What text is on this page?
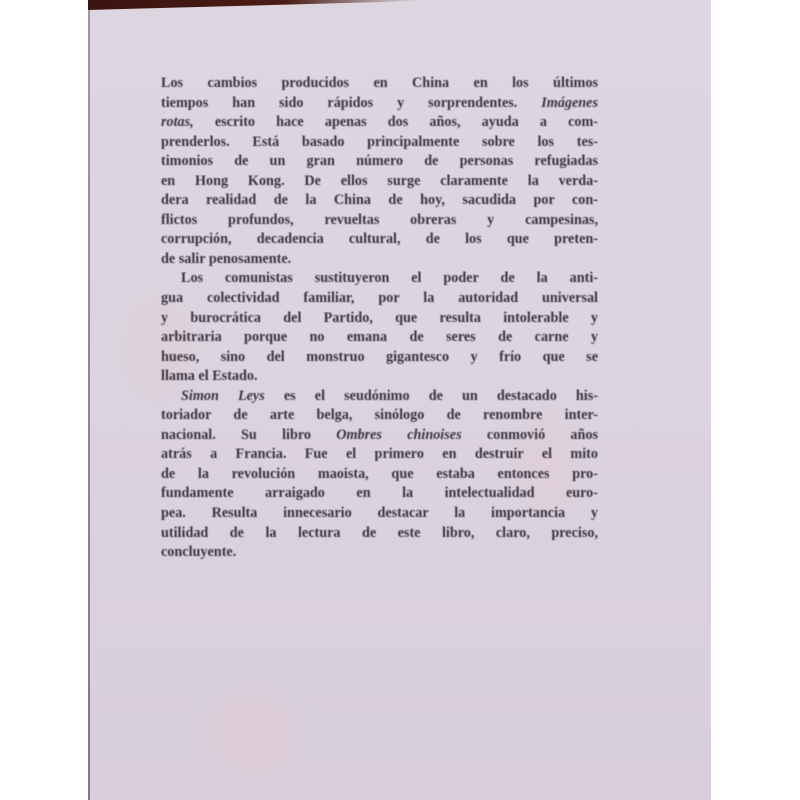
Los cambios producidos en China en los últimos
tiempos han sido rápidos y sorprendentes. Imágenes
rotas, escrito hace apenas dos años, ayuda a com-
prenderlos. Está basado principalmente sobre los tes-
timonios de un gran número de personas refugiadas
en Hong Kong. De ellos surge claramente la verda-
dera realidad de la China de hoy, sacudida por con-
flictos profundos, revueltas obreras y campesinas,
corrupción, decadencia cultural, de los que preten-
de salir penosamente.
Los comunistas sustituyeron el poder de la anti-
gua colectividad familiar, por la autoridad universal
y burocrática del Partido, que resulta intolerable y
arbitraria porque no emana de seres de carne y
hueso, sino del monstruo gigantesco y frío que se
llama el Estado.
Simon Leys es el seudónimo de un destacado his-
toriador de arte belga, sinólogo de renombre inter-
nacional. Su libro Ombres chinoises conmovió años
atrás a Francia. Fue el primero en destruir el mito
de la revolución maoista, que estaba entonces pro-
fundamente arraigado en la intelectualidad euro-
pea. Resulta innecesario destacar la importancia y
utilidad de la lectura de este libro, claro, preciso,
concluyente.
